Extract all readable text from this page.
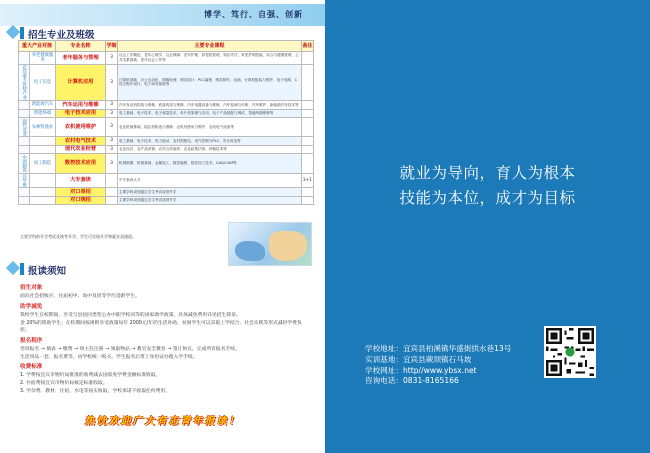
博学、笃行、自强、创新
招生专业及班级
重大产业对接		专业名称	学制	主要专业课程	备注
	养老健康服务	老年服务与管理	3	社会工作概论、老年心理学、社会保障、老年护理、养老院管理、娱乐疗法、常见护理技能、综合与健康管理、公共关系基础、老年社会工作等	
宜宾重大优势产业	电子信息	计算机应用	3	计算机基础、办公自动化、图像处理、网页设计、PLC编程、网页制作、动画、计算机组装与维护、电子电路、C语言程序设计、电子商务基础等	
	新能源汽车	汽车运用与维修	3	汽车发动机构造与维修、底盘构造与维修、汽车电器设备与维修、汽车检测与诊断、汽车维护、新能源汽车技术等	
	智能终端	电子技术应用	3	电工基础、电子技术、电子测量技术、单片机原理与应用、电子产品装配与调试、智能终端维修等	
现代农业	农林牧渔业	农机使用维护	3	农业机械基础、拖拉机构造与维修、农机具使用与维护、农机电气设备等	
		农村电气技术	3	电工基础、电子技术、电力拖动、农村供配电、电气控制与PLC、安全用电等	
		现代农业经营	3	农业经济、农产品营销、农村合作组织、农业政策法规、种植技术等	
中国制造	加工制造	数控技术应用	3	机械制图、机械基础、金属加工、数控编程、数控加工技术、CAD/CAM等	
升学班		大专套读		中专套读大专	3+1
		对口单招		主要学科成绩通过学生考试成绩升学	
		对口统招		主要学科成绩通过学生考试成绩升学	
主要学科的升学考试及统考升学，学生可实现升学和就业双通道。
报读须知
招生对象

面向社会招收应、往届初中、高中及同等学历适龄学生。

助学减免

我校学生在校期间，享受与县县同类型公办中职学校同等的国家助学政策，具体减免费用详见招生简章。

金 20%的资助学生；在校期间按规则享受政策每年 2000元/年的生活补助。贫困学生可以采取工学结合、社会实践等形式减轻学费负担。

报名程序

咨询报名 → 填表 → 缴费 → 班主任注册 → 领取物品 → 教官安全教育 → 签订协议，完成所有报名手续。

生活用品一套、报名费等，由学校统一购买。学生报名后带上身份证办理入学手续。

收费标准

1. 学费按宜宾市物价局批准的收费减去国家免学费金额标准收取。

2. 住宿费按宜宾市物价局核定标准收取。

3. 学杂费、教材、住宿、水电等按实收取，学校承诺不收取任何费用。

热忱欢迎广大有志青年报读！
就业为导向，育人为根本
技能为本位，成才为目标
学校地址：宜宾县柏溪镇华盛街拱水巷13号
实训基地：宜宾县蕨坝镇石马坡
学校网址：http//www.ybsx.net
咨询电话：0831-8165166
